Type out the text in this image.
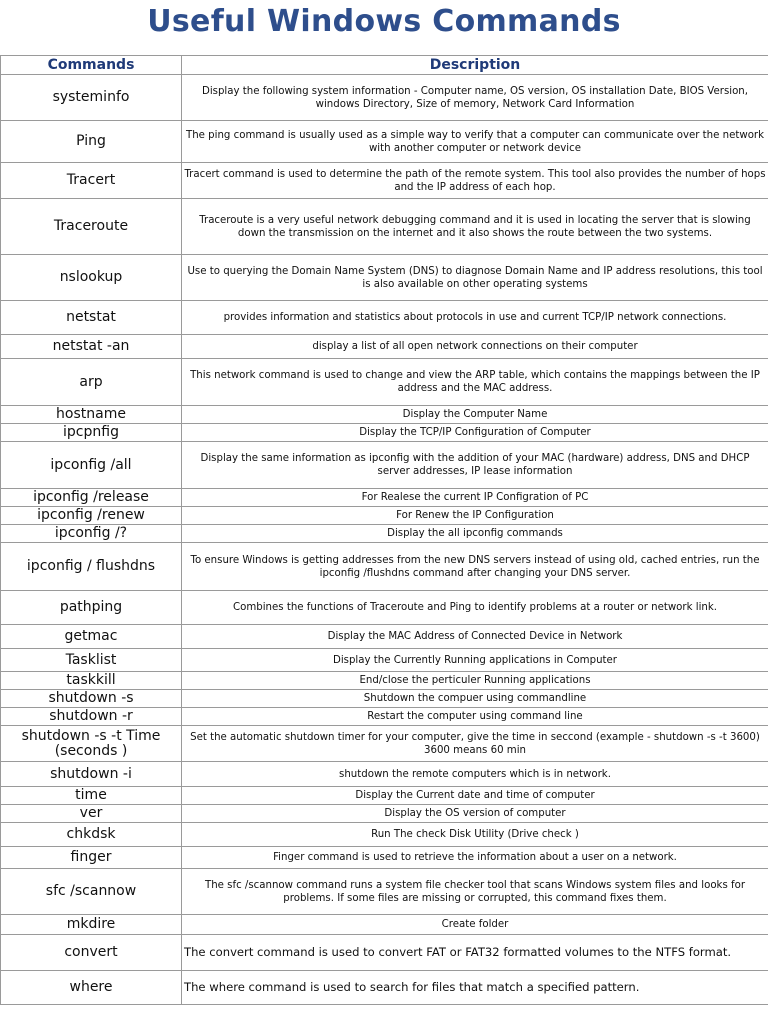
Useful Windows Commands
Commands	Description
systeminfo	Display the following system information - Computer name, OS version, OS installation Date, BIOS Version, windows Directory, Size of memory, Network Card Information
Ping	The ping command is usually used as a simple way to verify that a computer can communicate over the network with another computer or network device
Tracert	Tracert command is used to determine the path of the remote system. This tool also provides the number of hops and the IP address of each hop.
Traceroute	Traceroute is a very useful network debugging command and it is used in locating the server that is slowing down the transmission on the internet and it also shows the route between the two systems.
nslookup	Use to querying the Domain Name System (DNS) to diagnose Domain Name and IP address resolutions, this tool is also available on other operating systems
netstat	provides information and statistics about protocols in use and current TCP/IP network connections.
netstat -an	display a list of all open network connections on their computer
arp	This network command is used to change and view the ARP table, which contains the mappings between the IP address and the MAC address.
hostname	Display the Computer Name
ipcpnfig	Display the TCP/IP Configuration of Computer
ipconfig /all	Display the same information as ipconfig with the addition of your MAC (hardware) address, DNS and DHCP server addresses, IP lease information
ipconfig /release	For Realese the current IP Configration of PC
ipconfig /renew	For Renew the IP Configuration
ipconfig /?	Display the all ipconfig commands
ipconfig / flushdns	To ensure Windows is getting addresses from the new DNS servers instead of using old, cached entries, run the ipconfig /flushdns command after changing your DNS server.
pathping	Combines the functions of Traceroute and Ping to identify problems at a router or network link.
getmac	Display the MAC Address of Connected Device in Network
Tasklist	Display the Currently Running applications in Computer
taskkill	End/close the perticuler Running applications
shutdown -s	Shutdown the compuer using commandline
shutdown -r	Restart the computer using command line
shutdown -s -t Time (seconds )	Set the automatic shutdown timer for your computer, give the time in seccond (example - shutdown -s -t 3600) 3600 means 60 min
shutdown -i	shutdown the remote computers which is in network.
time	Display the Current date and time of computer
ver	Display the OS version of computer
chkdsk	Run The check Disk Utility (Drive check )
finger	Finger command is used to retrieve the information about a user on a network.
sfc /scannow	The sfc /scannow command runs a system file checker tool that scans Windows system files and looks for problems. If some files are missing or corrupted, this command fixes them.
mkdire	Create folder
convert	The convert command is used to convert FAT or FAT32 formatted volumes to the NTFS format.
where	The where command is used to search for files that match a specified pattern.
